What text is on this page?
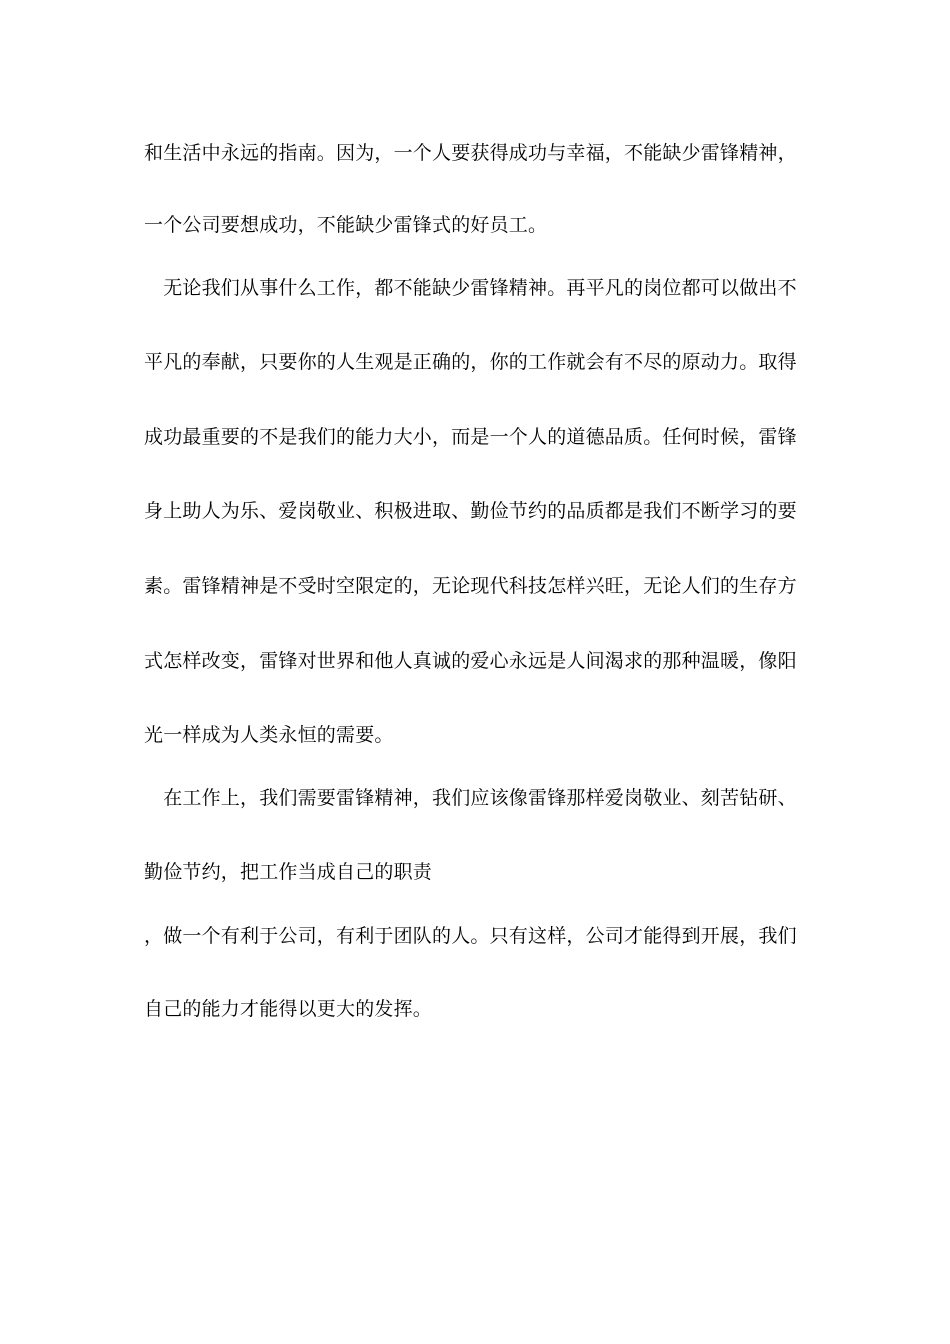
和生活中永远的指南。因为，一个人要获得成功与幸福，不能缺少雷锋精神，
一个公司要想成功，不能缺少雷锋式的好员工。
　无论我们从事什么工作，都不能缺少雷锋精神。再平凡的岗位都可以做出不
平凡的奉献，只要你的人生观是正确的，你的工作就会有不尽的原动力。取得
成功最重要的不是我们的能力大小，而是一个人的道德品质。任何时候，雷锋
身上助人为乐、爱岗敬业、积极进取、勤俭节约的品质都是我们不断学习的要
素。雷锋精神是不受时空限定的，无论现代科技怎样兴旺，无论人们的生存方
式怎样改变，雷锋对世界和他人真诚的爱心永远是人间渴求的那种温暖，像阳
光一样成为人类永恒的需要。
　在工作上，我们需要雷锋精神，我们应该像雷锋那样爱岗敬业、刻苦钻研、
勤俭节约，把工作当成自己的职责
，做一个有利于公司，有利于团队的人。只有这样，公司才能得到开展，我们
自己的能力才能得以更大的发挥。
